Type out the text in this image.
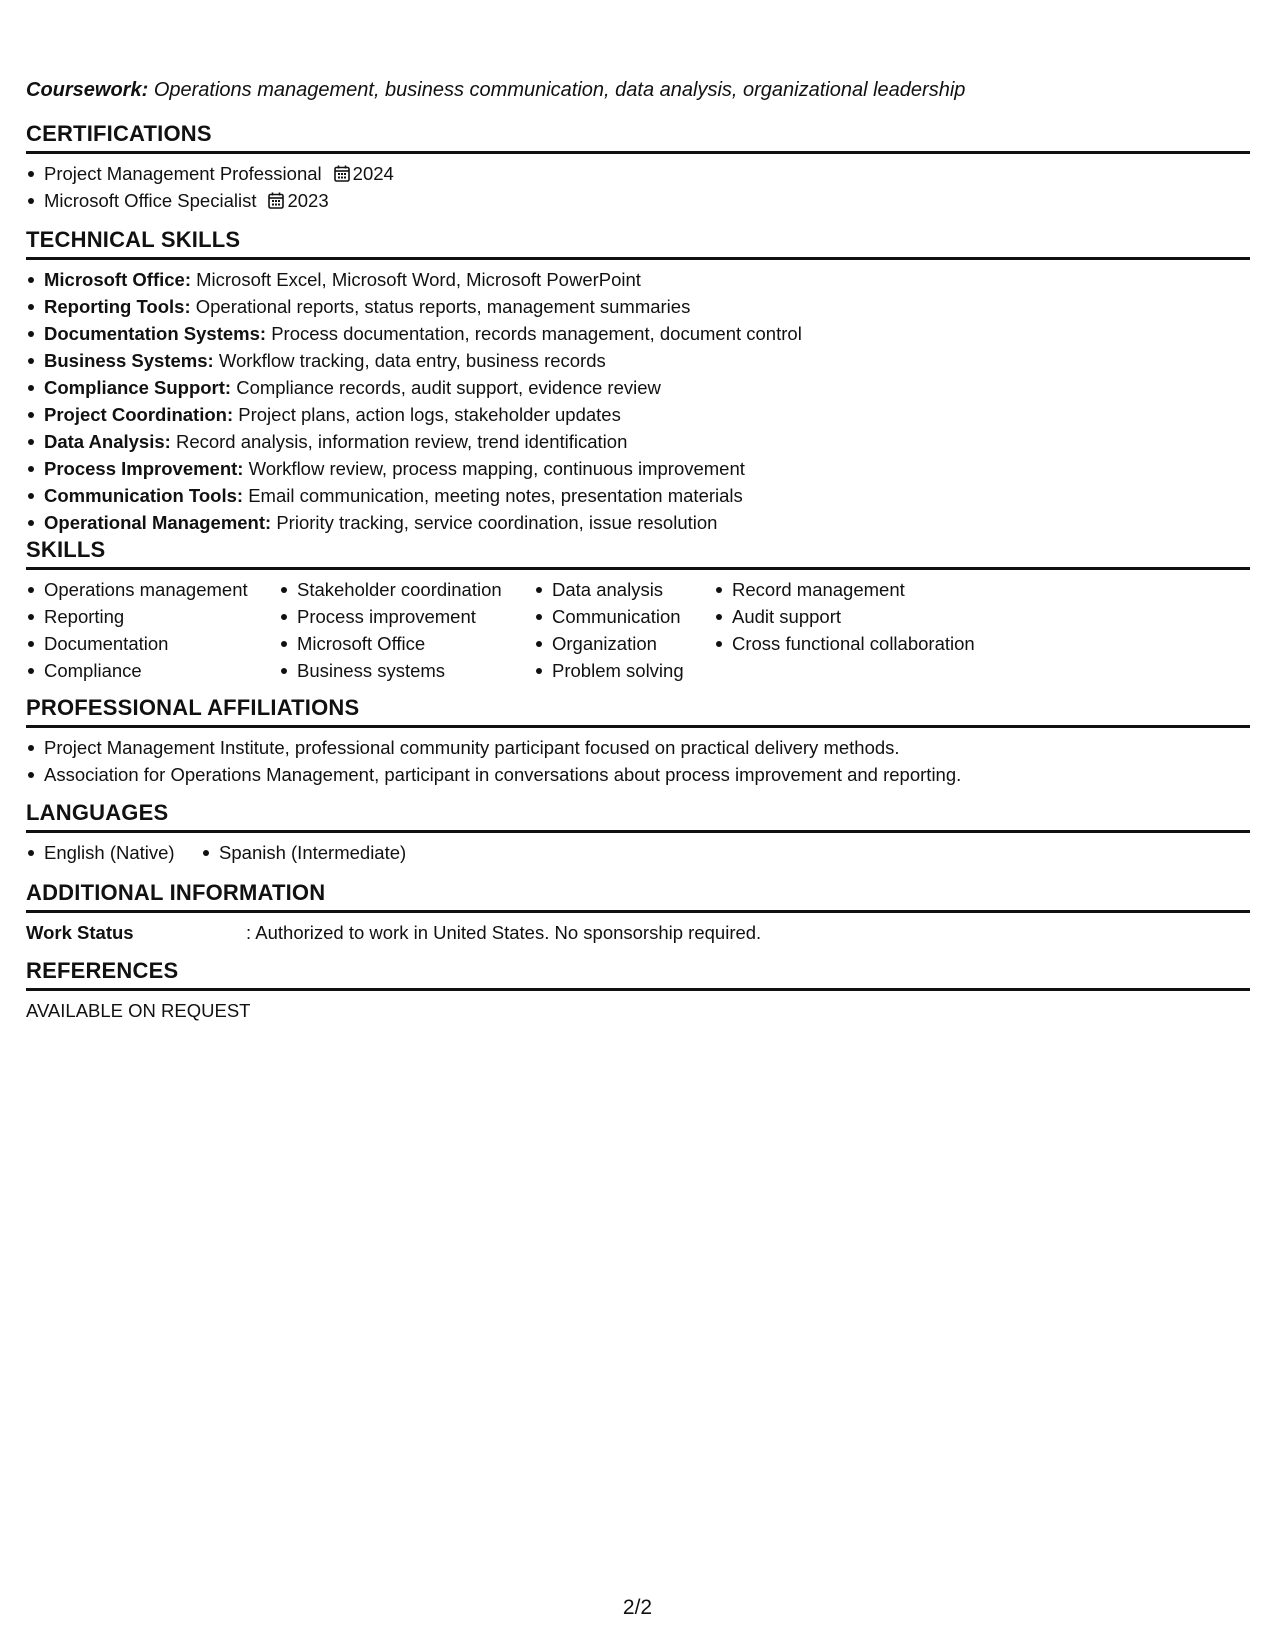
Coursework: Operations management, business communication, data analysis, organizational leadership
CERTIFICATIONS
Project Management Professional 2024
Microsoft Office Specialist 2023
TECHNICAL SKILLS
Microsoft Office: Microsoft Excel, Microsoft Word, Microsoft PowerPoint
Reporting Tools: Operational reports, status reports, management summaries
Documentation Systems: Process documentation, records management, document control
Business Systems: Workflow tracking, data entry, business records
Compliance Support: Compliance records, audit support, evidence review
Project Coordination: Project plans, action logs, stakeholder updates
Data Analysis: Record analysis, information review, trend identification
Process Improvement: Workflow review, process mapping, continuous improvement
Communication Tools: Email communication, meeting notes, presentation materials
Operational Management: Priority tracking, service coordination, issue resolution
SKILLS
Operations management
Reporting
Documentation
Compliance
Stakeholder coordination
Process improvement
Microsoft Office
Business systems
Data analysis
Communication
Organization
Problem solving
Record management
Audit support
Cross functional collaboration
PROFESSIONAL AFFILIATIONS
Project Management Institute, professional community participant focused on practical delivery methods.
Association for Operations Management, participant in conversations about process improvement and reporting.
LANGUAGES
English (Native) Spanish (Intermediate)
ADDITIONAL INFORMATION
Work Status	: Authorized to work in United States. No sponsorship required.
REFERENCES
AVAILABLE ON REQUEST
2/2
